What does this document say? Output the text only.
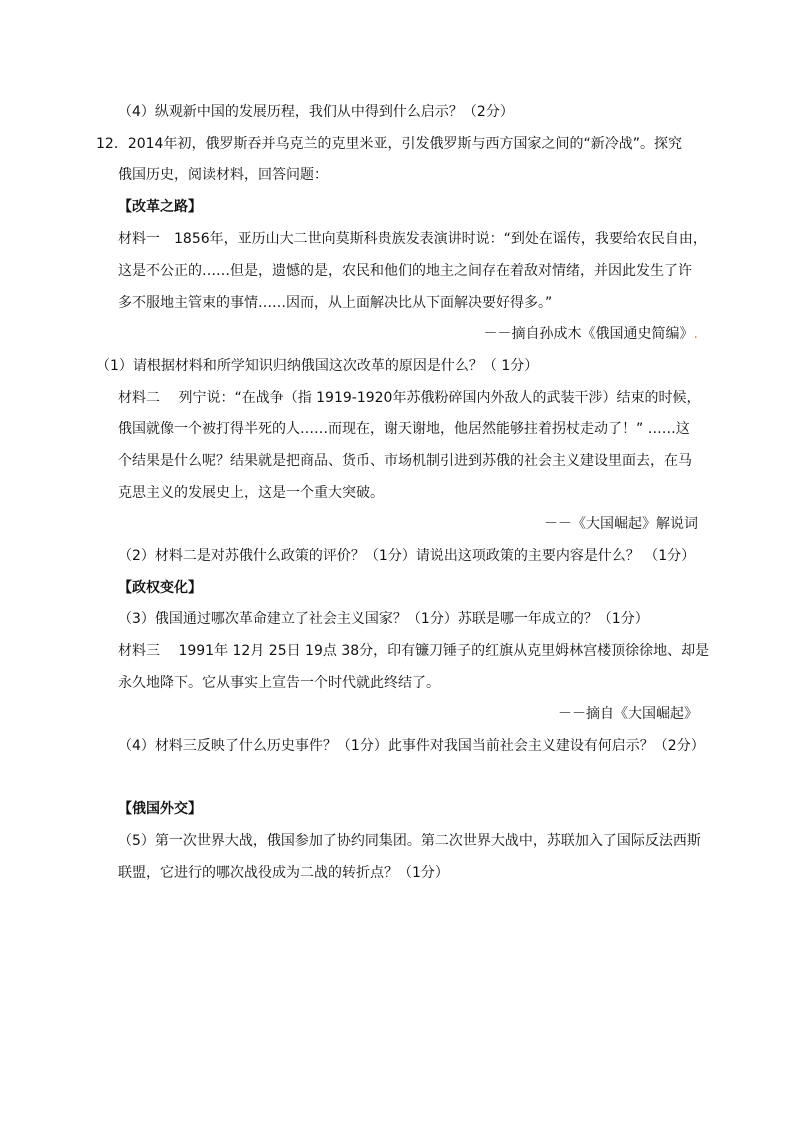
（4）纵观新中国的发展历程，我们从中得到什么启示？（2分）
12．2014年初，俄罗斯吞并乌克兰的克里米亚，引发俄罗斯与西方国家之间的“新冷战”。探究
俄国历史，阅读材料，回答问题：
【改革之路】
材料一　1856年，亚历山大二世向莫斯科贵族发表演讲时说：“到处在谣传，我要给农民自由，
这是不公正的……但是，遗憾的是，农民和他们的地主之间存在着敌对情绪，并因此发生了许
多不服地主管束的事情……因而，从上面解决比从下面解决要好得多。”
－－摘自孙成木《俄国通史简编》.
（1）请根据材料和所学知识归纳俄国这次改革的原因是什么？（ 1分）
材料二　 列宁说：“在战争（指 1919-1920年苏俄粉碎国内外敌人的武装干涉）结束的时候，
俄国就像一个被打得半死的人……而现在，谢天谢地，他居然能够拄着拐杖走动了！” ……这
个结果是什么呢？结果就是把商品、货币、市场机制引进到苏俄的社会主义建设里面去，在马
克思主义的发展史上，这是一个重大突破。
－－《大国崛起》解说词
（2）材料二是对苏俄什么政策的评价？（1分）请说出这项政策的主要内容是什么？ （1分）
【政权变化】
（3）俄国通过哪次革命建立了社会主义国家？（1分）苏联是哪一年成立的？（1分）
材料三　 1991年 12月 25日 19点 38分，印有镰刀锤子的红旗从克里姆林宫楼顶徐徐地、却是
永久地降下。它从事实上宣告一个时代就此终结了。
－－摘自《大国崛起》
（4）材料三反映了什么历史事件？（1分）此事件对我国当前社会主义建设有何启示？（2分）
【俄国外交】
（5）第一次世界大战，俄国参加了协约同集团。第二次世界大战中，苏联加入了国际反法西斯
联盟，它进行的哪次战役成为二战的转折点？（1分）
